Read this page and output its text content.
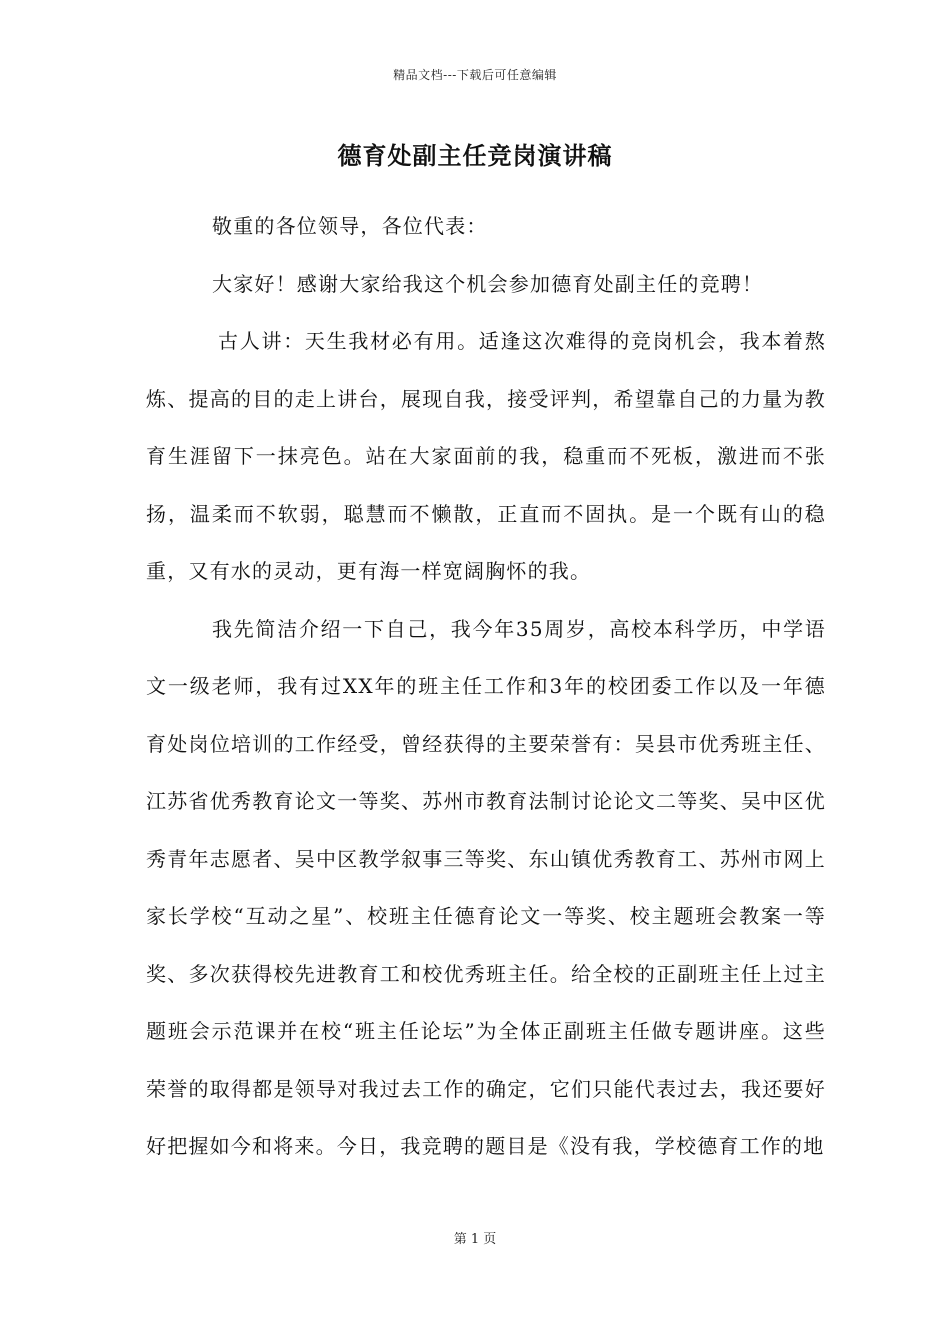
精品文档---下载后可任意编辑
德育处副主任竞岗演讲稿

敬重的各位领导，各位代表：

大家好！感谢大家给我这个机会参加德育处副主任的竞聘！

古人讲：天生我材必有用。适逢这次难得的竞岗机会，我本着熬炼、提高的目的走上讲台，展现自我，接受评判，希望靠自己的力量为教育生涯留下一抹亮色。站在大家面前的我，稳重而不死板，激进而不张扬，温柔而不软弱，聪慧而不懒散，正直而不固执。是一个既有山的稳重，又有水的灵动，更有海一样宽阔胸怀的我。

我先简洁介绍一下自己，我今年35周岁，高校本科学历，中学语文一级老师，我有过XX年的班主任工作和3年的校团委工作以及一年德育处岗位培训的工作经受，曾经获得的主要荣誉有：吴县市优秀班主任、江苏省优秀教育论文一等奖、苏州市教育法制讨论论文二等奖、吴中区优秀青年志愿者、吴中区教学叙事三等奖、东山镇优秀教育工、苏州市网上家长学校“互动之星”、校班主任德育论文一等奖、校主题班会教案一等奖、多次获得校先进教育工和校优秀班主任。给全校的正副班主任上过主题班会示范课并在校“班主任论坛”为全体正副班主任做专题讲座。这些荣誉的取得都是领导对我过去工作的确定，它们只能代表过去，我还要好好把握如今和将来。今日，我竞聘的题目是《没有我，学校德育工作的地

第 1 页
